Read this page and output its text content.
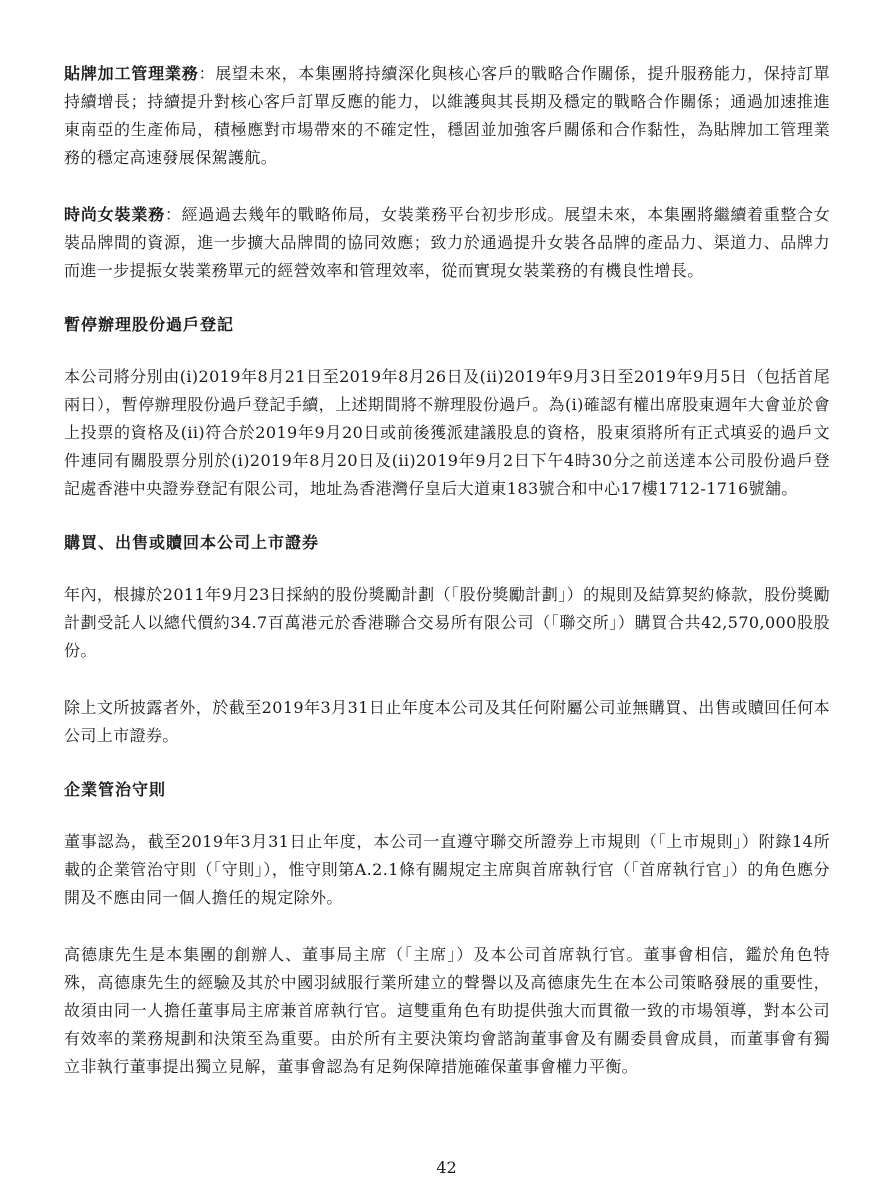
貼牌加工管理業務：展望未來，本集團將持續深化與核心客戶的戰略合作關係，提升服務能力，保持訂單持續增長；持續提升對核心客戶訂單反應的能力，以維護與其長期及穩定的戰略合作關係；通過加速推進東南亞的生產佈局，積極應對市場帶來的不確定性，穩固並加強客戶關係和合作黏性，為貼牌加工管理業務的穩定高速發展保駕護航。

時尚女裝業務：經過過去幾年的戰略佈局，女裝業務平台初步形成。展望未來，本集團將繼續着重整合女裝品牌間的資源，進一步擴大品牌間的協同效應；致力於通過提升女裝各品牌的產品力、渠道力、品牌力而進一步提振女裝業務單元的經營效率和管理效率，從而實現女裝業務的有機良性增長。

暫停辦理股份過戶登記

本公司將分別由(i)2019年8月21日至2019年8月26日及(ii)2019年9月3日至2019年9月5日（包括首尾兩日），暫停辦理股份過戶登記手續，上述期間將不辦理股份過戶。為(i)確認有權出席股東週年大會並於會上投票的資格及(ii)符合於2019年9月20日或前後獲派建議股息的資格，股東須將所有正式填妥的過戶文件連同有關股票分別於(i)2019年8月20日及(ii)2019年9月2日下午4時30分之前送達本公司股份過戶登記處香港中央證券登記有限公司，地址為香港灣仔皇后大道東183號合和中心17樓1712-1716號舖。

購買、出售或贖回本公司上市證券

年內，根據於2011年9月23日採納的股份獎勵計劃（「股份獎勵計劃」）的規則及結算契約條款，股份獎勵計劃受託人以總代價約34.7百萬港元於香港聯合交易所有限公司（「聯交所」）購買合共42,570,000股股份。

除上文所披露者外，於截至2019年3月31日止年度本公司及其任何附屬公司並無購買、出售或贖回任何本公司上市證券。

企業管治守則

董事認為，截至2019年3月31日止年度，本公司一直遵守聯交所證券上市規則（「上市規則」）附錄14所載的企業管治守則（「守則」），惟守則第A.2.1條有關規定主席與首席執行官（「首席執行官」）的角色應分開及不應由同一個人擔任的規定除外。

高德康先生是本集團的創辦人、董事局主席（「主席」）及本公司首席執行官。董事會相信，鑑於角色特殊，高德康先生的經驗及其於中國羽絨服行業所建立的聲譽以及高德康先生在本公司策略發展的重要性，故須由同一人擔任董事局主席兼首席執行官。這雙重角色有助提供強大而貫徹一致的市場領導，對本公司有效率的業務規劃和決策至為重要。由於所有主要決策均會諮詢董事會及有關委員會成員，而董事會有獨立非執行董事提出獨立見解，董事會認為有足夠保障措施確保董事會權力平衡。

42
